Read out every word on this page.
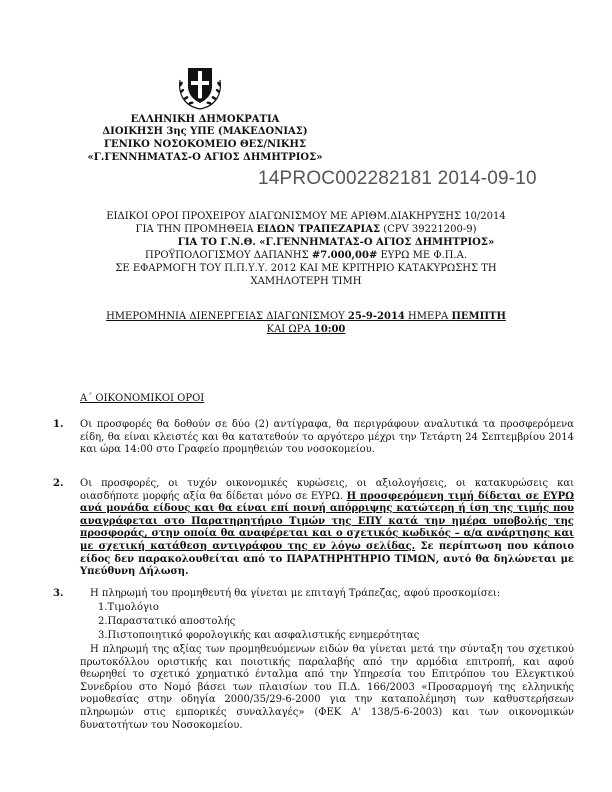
ΕΛΛΗΝΙΚΗ ΔΗΜΟΚΡΑΤΙΑ
ΔΙΟΙΚΗΣΗ 3ης ΥΠΕ (ΜΑΚΕΔΟΝΙΑΣ)
ΓΕΝΙΚΟ ΝΟΣΟΚΟΜΕΙΟ ΘΕΣ/ΝΙΚΗΣ
«Γ.ΓΕΝΝΗΜΑΤΑΣ-Ο ΑΓΙΟΣ ΔΗΜΗΤΡΙΟΣ»
14PROC002282181 2014-09-10
ΕΙΔΙΚΟΙ ΟΡΟΙ ΠΡΟΧΕΙΡΟΥ ΔΙΑΓΩΝΙΣΜΟΥ ΜΕ ΑΡΙΘΜ.ΔΙΑΚΗΡΥΞΗΣ 10/2014
ΓΙΑ ΤΗΝ ΠΡΟΜΗΘΕΙΑ ΕΙΔΩΝ ΤΡΑΠΕΖΑΡΙΑΣ (CPV 39221200-9)
ΓΙΑ ΤΟ Γ.Ν.Θ. «Γ.ΓΕΝΝΗΜΑΤΑΣ-Ο ΑΓΙΟΣ ΔΗΜΗΤΡΙΟΣ»
ΠΡΟΫΠΟΛΟΓΙΣΜΟΥ ΔΑΠΑΝΗΣ #7.000,00# ΕΥΡΩ ΜΕ Φ.Π.Α.
ΣΕ ΕΦΑΡΜΟΓΗ ΤΟΥ Π.Π.Υ.Υ. 2012 ΚΑΙ ΜΕ ΚΡΙΤΗΡΙΟ ΚΑΤΑΚΥΡΩΣΗΣ ΤΗ
ΧΑΜΗΛΟΤΕΡΗ ΤΙΜΗ
ΗΜΕΡΟΜΗΝΙΑ ΔΙΕΝΕΡΓΕΙΑΣ ΔΙΑΓΩΝΙΣΜΟΥ 25-9-2014 ΗΜΕΡΑ ΠΕΜΠΤΗ
ΚΑΙ ΩΡΑ 10:00
Α΄ ΟΙΚΟΝΟΜΙΚΟΙ ΟΡΟΙ
1. Οι προσφορές θα δοθούν σε δύο (2) αντίγραφα, θα περιγράφουν αναλυτικά τα προσφερόμενα είδη, θα είναι κλειστές και θα κατατεθούν το αργότερο μέχρι την Τετάρτη 24 Σεπτεμβρίου 2014 και ώρα 14:00 στο Γραφείο προμηθειών του νοσοκομείου.
2. Οι προσφορές, οι τυχόν οικονομικές κυρώσεις, οι αξιολογήσεις, οι κατακυρώσεις και οιασδήποτε μορφής αξία θα δίδεται μόνο σε ΕΥΡΩ. Η προσφερόμενη τιμή δίδεται σε ΕΥΡΩ ανά μονάδα είδους και θα είναι επί ποινή απόρριψης κατώτερη ή ίση της τιμής που αναγράφεται στο Παρατηρητήριο Τιμών της ΕΠΥ κατά την ημέρα υποβολής της προσφοράς, στην οποία θα αναφέρεται και ο σχετικός κωδικός – α/α ανάρτησης και με σχετική κατάθεση αντιγράφου της εν λόγω σελίδας. Σε περίπτωση που κάποιο είδος δεν παρακολουθείται από το ΠΑΡΑΤΗΡΗΤΗΡΙΟ ΤΙΜΩΝ, αυτό θα δηλώνεται με Υπεύθυνη Δήλωση.
3.	Η πληρωμή του προμηθευτή θα γίνεται με επιταγή Τράπεζας, αφού προσκομίσει:
1.Τιμολόγιο
2.Παραστατικό αποστολής
3.Πιστοποιητικό φορολογικής και ασφαλιστικής ενημερότητας
Η πληρωμή της αξίας των προμηθευόμενων ειδών θα γίνεται μετά την σύνταξη του σχετικού πρωτοκόλλου οριστικής και ποιοτικής παραλαβής από την αρμόδια επιτροπή, και αφού θεωρηθεί το σχετικό χρηματικό ένταλμα από την Υπηρεσία του Επιτρόπου του Ελεγκτικού Συνεδρίου στο Νομό βάσει των πλαισίων του Π.Δ. 166/2003 «Προσαρμογή της ελληνικής νομοθεσίας στην οδηγία 2000/35/29-6-2000 για την καταπολέμηση των καθυστερήσεων πληρωμών στις εμπορικές συναλλαγές» (ΦΕΚ Α' 138/5-6-2003) και των οικονομικών δυνατοτήτων του Νοσοκομείου.
